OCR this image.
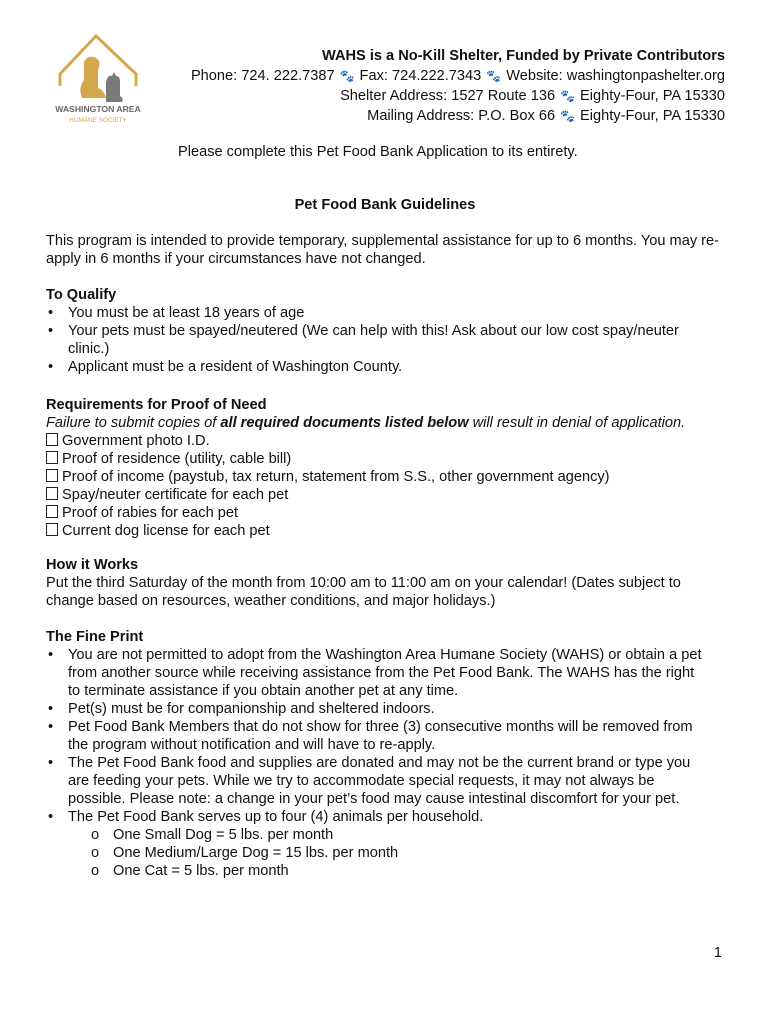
WASHINGTON AREA
HUMANE SOCIETY
WAHS is a No-Kill Shelter, Funded by Private Contributors
Phone: 724. 222.7387 🐾 Fax: 724.222.7343 🐾 Website: washingtonpashelter.org
Shelter Address: 1527 Route 136 🐾 Eighty-Four, PA 15330
Mailing Address: P.O. Box 66 🐾 Eighty-Four, PA 15330
Please complete this Pet Food Bank Application to its entirety.
Pet Food Bank Guidelines
This program is intended to provide temporary, supplemental assistance for up to 6 months. You may re-apply in 6 months if your circumstances have not changed.
To Qualify
• You must be at least 18 years of age
• Your pets must be spayed/neutered (We can help with this! Ask about our low cost spay/neuter clinic.)
• Applicant must be a resident of Washington County.
Requirements for Proof of Need
Failure to submit copies of all required documents listed below will result in denial of application.
Government photo I.D.
Proof of residence (utility, cable bill)
Proof of income (paystub, tax return, statement from S.S., other government agency)
Spay/neuter certificate for each pet
Proof of rabies for each pet
Current dog license for each pet
How it Works
Put the third Saturday of the month from 10:00 am to 11:00 am on your calendar! (Dates subject to change based on resources, weather conditions, and major holidays.)
The Fine Print
• You are not permitted to adopt from the Washington Area Humane Society (WAHS) or obtain a pet from another source while receiving assistance from the Pet Food Bank. The WAHS has the right to terminate assistance if you obtain another pet at any time.
• Pet(s) must be for companionship and sheltered indoors.
• Pet Food Bank Members that do not show for three (3) consecutive months will be removed from the program without notification and will have to re-apply.
• The Pet Food Bank food and supplies are donated and may not be the current brand or type you are feeding your pets. While we try to accommodate special requests, it may not always be possible. Please note: a change in your pet’s food may cause intestinal discomfort for your pet.
• The Pet Food Bank serves up to four (4) animals per household.
o One Small Dog = 5 lbs. per month
o One Medium/Large Dog = 15 lbs. per month
o One Cat = 5 lbs. per month
1
